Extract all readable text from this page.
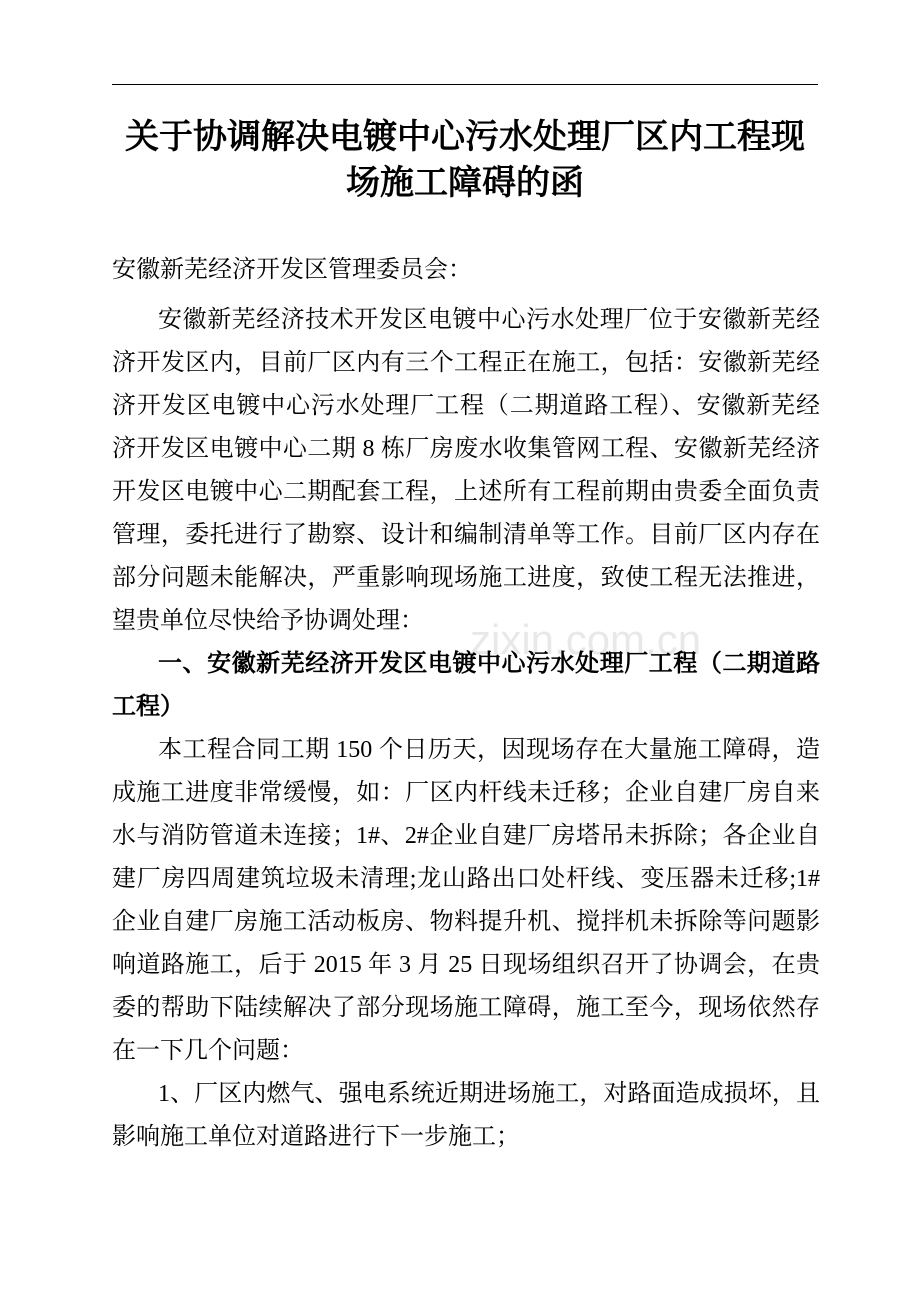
关于协调解决电镀中心污水处理厂区内工程现
场施工障碍的函
安徽新芜经济开发区管理委员会：
安徽新芜经济技术开发区电镀中心污水处理厂位于安徽新芜经
济开发区内，目前厂区内有三个工程正在施工，包括：安徽新芜经
济开发区电镀中心污水处理厂工程（二期道路工程）、安徽新芜经
济开发区电镀中心二期 8 栋厂房废水收集管网工程、安徽新芜经济
开发区电镀中心二期配套工程，上述所有工程前期由贵委全面负责
管理，委托进行了勘察、设计和编制清单等工作。目前厂区内存在
部分问题未能解决，严重影响现场施工进度，致使工程无法推进，
望贵单位尽快给予协调处理：
一、安徽新芜经济开发区电镀中心污水处理厂工程（二期道路
工程）
本工程合同工期 150 个日历天，因现场存在大量施工障碍，造
成施工进度非常缓慢，如：厂区内杆线未迁移；企业自建厂房自来
水与消防管道未连接；1#、2#企业自建厂房塔吊未拆除；各企业自
建厂房四周建筑垃圾未清理;龙山路出口处杆线、变压器未迁移;1#
企业自建厂房施工活动板房、物料提升机、搅拌机未拆除等问题影
响道路施工，后于 2015 年 3 月 25 日现场组织召开了协调会，在贵
委的帮助下陆续解决了部分现场施工障碍，施工至今，现场依然存
在一下几个问题：
1、厂区内燃气、强电系统近期进场施工，对路面造成损坏，且
影响施工单位对道路进行下一步施工；
zixin.com.cn
